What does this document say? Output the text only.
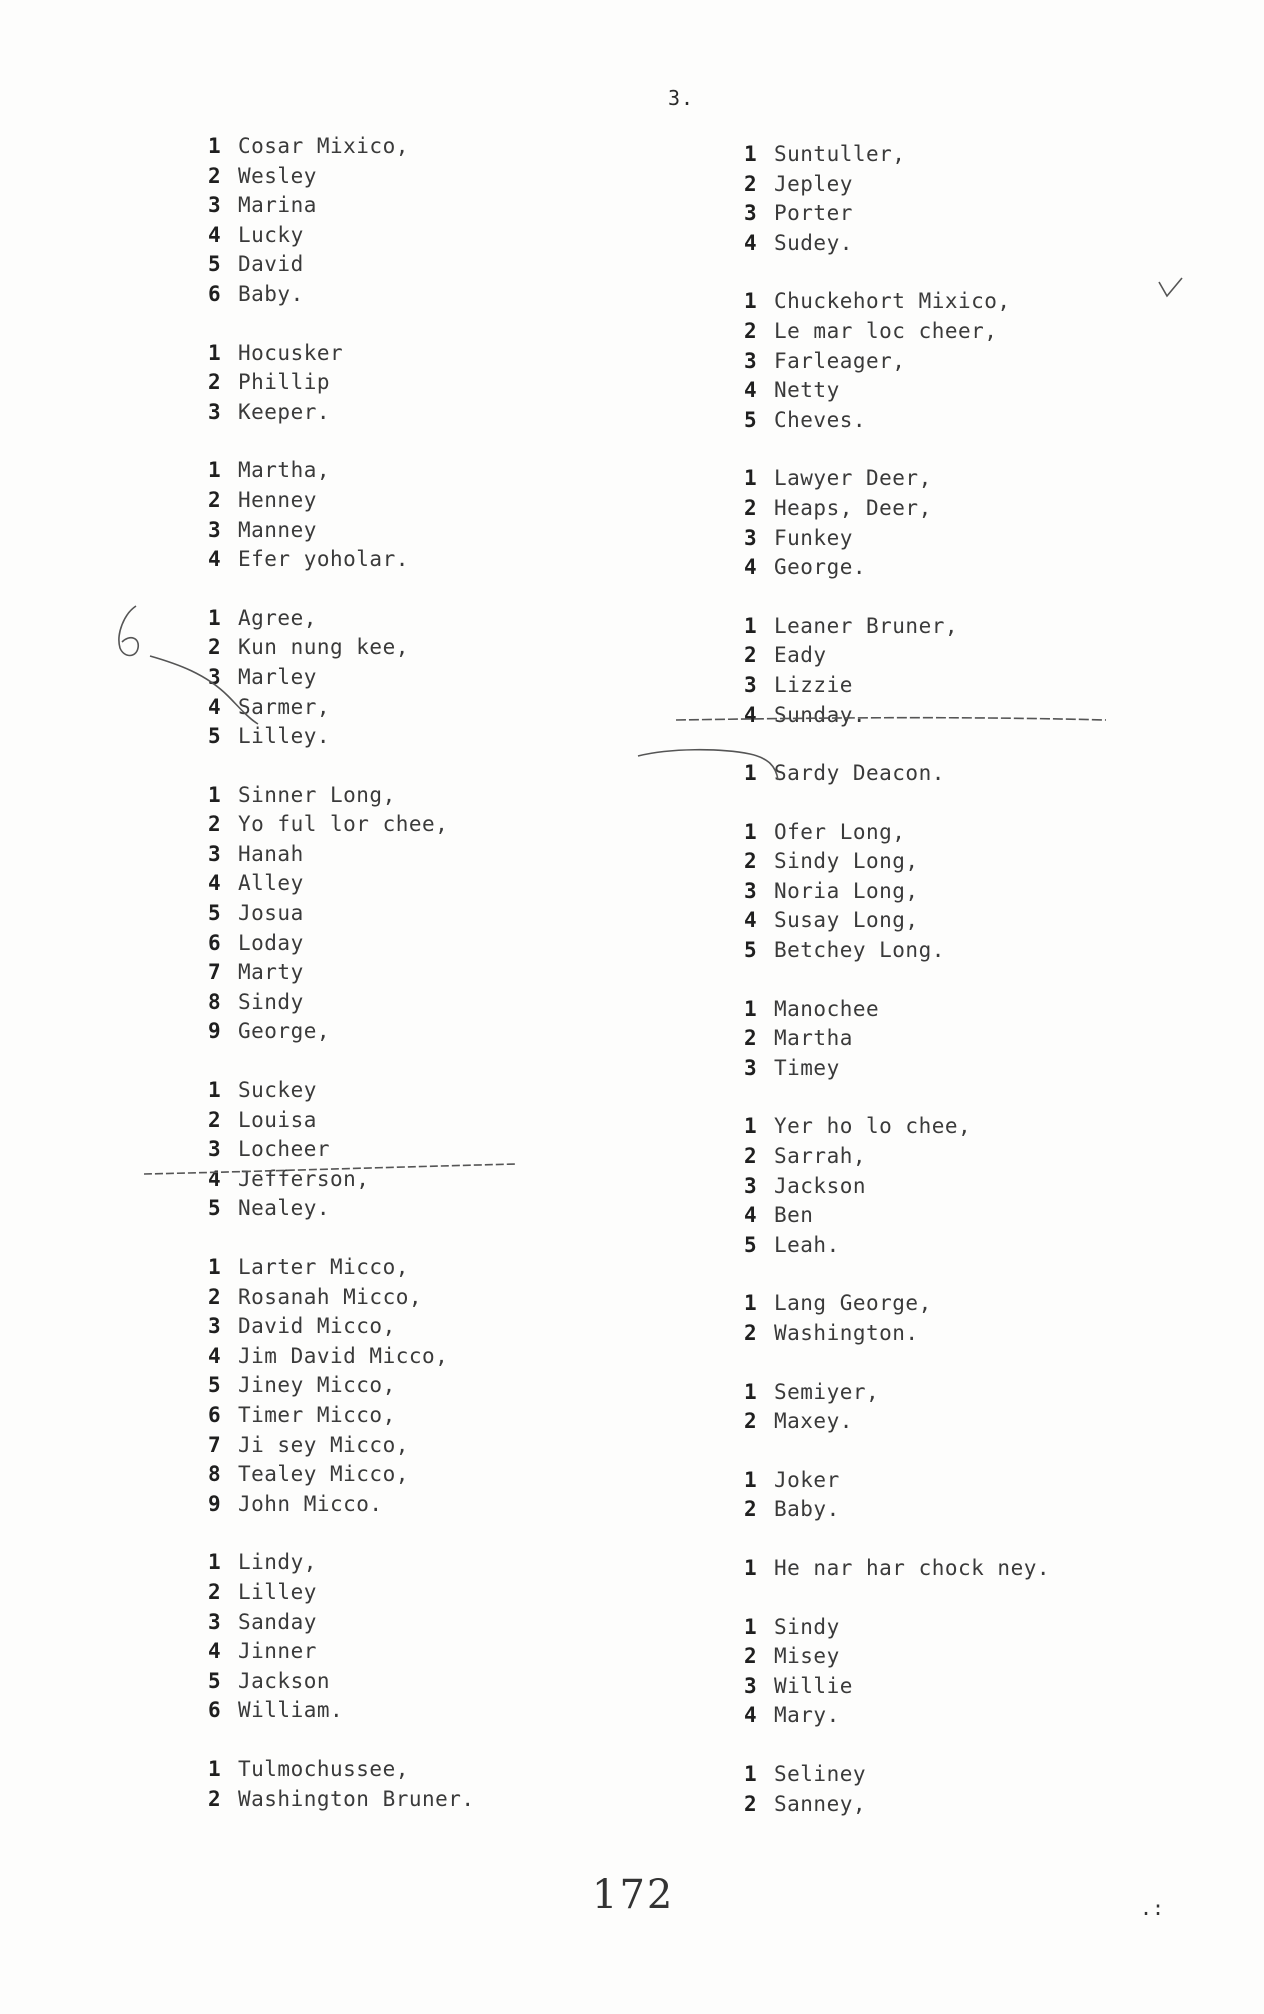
3.
1 Cosar Mixico,
2 Wesley
3 Marina
4 Lucky
5 David
6 Baby.
1 Hocusker
2 Phillip
3 Keeper.
1 Martha,
2 Henney
3 Manney
4 Efer yoholar.
1 Agree,
2 Kun nung kee,
3 Marley
4 Sarmer,
5 Lilley.
1 Sinner Long,
2 Yo ful lor chee,
3 Hanah
4 Alley
5 Josua
6 Loday
7 Marty
8 Sindy
9 George,
1 Suckey
2 Louisa
3 Locheer
4 Jefferson,
5 Nealey.
1 Larter Micco,
2 Rosanah Micco,
3 David Micco,
4 Jim David Micco,
5 Jiney Micco,
6 Timer Micco,
7 Ji sey Micco,
8 Tealey Micco,
9 John Micco.
1 Lindy,
2 Lilley
3 Sanday
4 Jinner
5 Jackson
6 William.
1 Tulmochussee,
2 Washington Bruner.
1 Suntuller,
2 Jepley
3 Porter
4 Sudey.
1 Chuckehort Mixico,
2 Le mar loc cheer,
3 Farleager,
4 Netty
5 Cheves.
1 Lawyer Deer,
2 Heaps, Deer,
3 Funkey
4 George.
1 Leaner Bruner,
2 Eady
3 Lizzie
4 Sunday.
1 Sardy Deacon.
1 Ofer Long,
2 Sindy Long,
3 Noria Long,
4 Susay Long,
5 Betchey Long.
1 Manochee
2 Martha
3 Timey
1 Yer ho lo chee,
2 Sarrah,
3 Jackson
4 Ben
5 Leah.
1 Lang George,
2 Washington.
1 Semiyer,
2 Maxey.
1 Joker
2 Baby.
1 He nar har chock ney.
1 Sindy
2 Misey
3 Willie
4 Mary.
1 Seliney
2 Sanney,
172	.:
